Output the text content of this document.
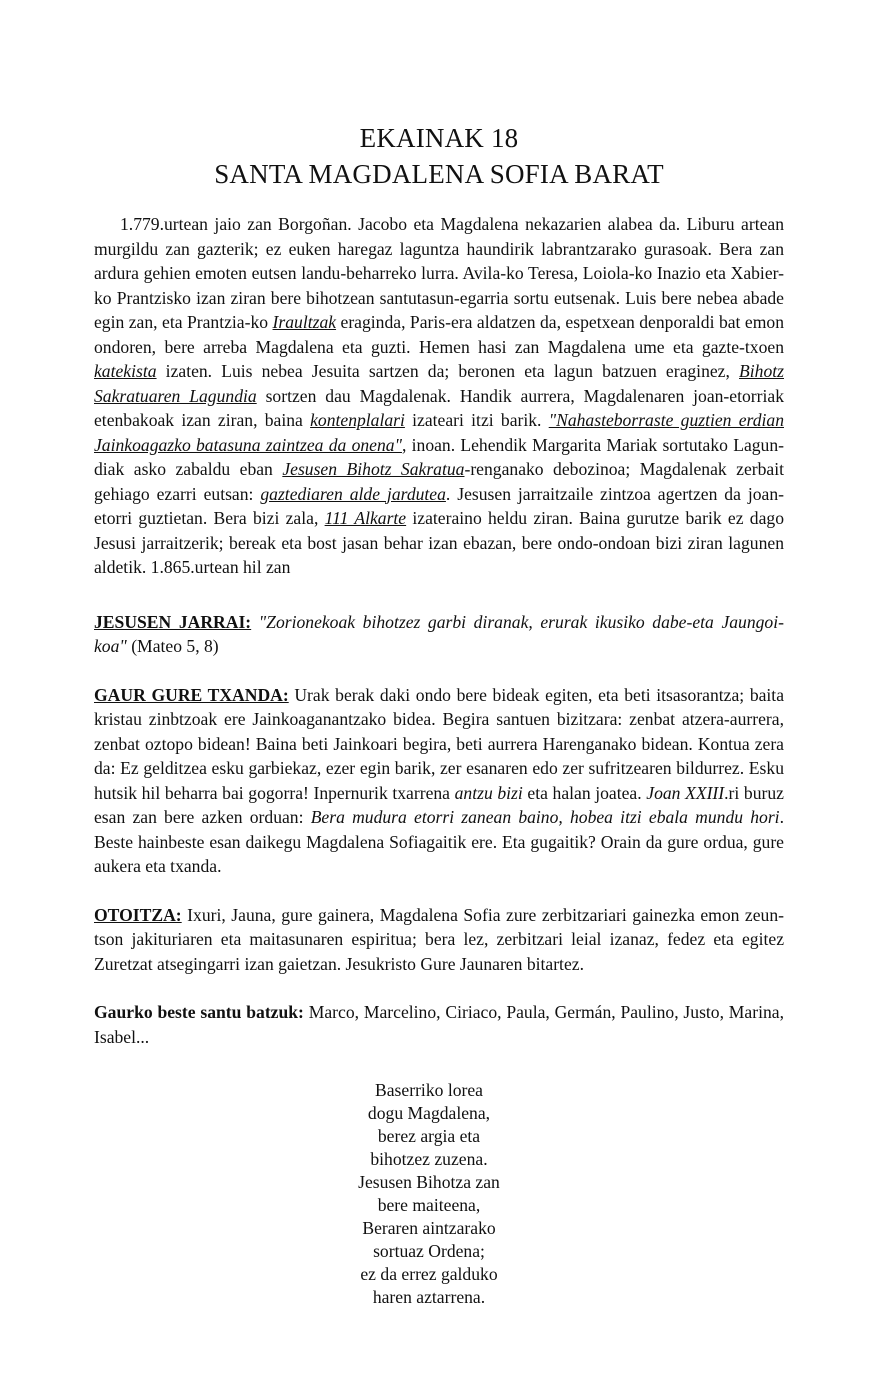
EKAINAK 18
SANTA MAGDALENA SOFIA BARAT

1.779.urtean jaio zan Borgoñan. Jacobo eta Magdalena nekazarien alabea da. Liburu artean murgildu zan gazterik; ez euken haregaz laguntza haundirik labrantzarako gurasoak. Bera zan ardura gehien emoten eutsen landu-beharreko lurra. Avila-ko Teresa, Loiola-ko Inazio eta Xabier-ko Prantzisko izan ziran bere bihotzean santutasun-egarria sortu eutsenak. Luis bere nebea abade egin zan, eta Prantzia-ko Iraultzak eraginda, Paris-era aldatzen da, espetxean denporaldi bat emon ondoren, bere arreba Magdalena eta guzti. Hemen hasi zan Magdalena ume eta gazte-txoen katekista izaten. Luis nebea Jesuita sartzen da; beronen eta lagun batzuen eraginez, Bihotz Sakratuaren Lagundia sortzen dau Magdalenak. Handik aurrera, Magdalenaren joan-etorriak etenbakoak izan ziran, baina kontenplalari izateari itzi barik. "Nahasteborraste guztien erdian Jainkoagazko batasuna zaintzea da onena", inoan. Lehendik Margarita Mariak sortutako Lagun-diak asko zabaldu eban Jesusen Bihotz Sakratua-renganako debozinoa; Magdalenak zerbait gehiago ezarri eutsan: gaztediaren alde jardutea. Jesusen jarraitzaile zintzoa agertzen da joan-etorri guztietan. Bera bizi zala, 111 Alkarte izateraino heldu ziran. Baina gurutze barik ez dago Jesusi jarraitzerik; bereak eta bost jasan behar izan ebazan, bere ondo-ondoan bizi ziran lagunen aldetik. 1.865.urtean hil zan

JESUSEN JARRAI: "Zorionekoak bihotzez garbi diranak, erurak ikusiko dabe-eta Jaungoi-koa" (Mateo 5, 8)

GAUR GURE TXANDA: Urak berak daki ondo bere bideak egiten, eta beti itsasorantza; baita kristau zinbtzoak ere Jainkoaganantzako bidea. Begira santuen bizitzara: zenbat atzera-aurrera, zenbat oztopo bidean! Baina beti Jainkoari begira, beti aurrera Harenganako bidean. Kontua zera da: Ez gelditzea esku garbiekaz, ezer egin barik, zer esanaren edo zer sufritzearen bildurrez. Esku hutsik hil beharra bai gogorra! Inpernurik txarrena antzu bizi eta halan joatea. Joan XXIII.ri buruz esan zan bere azken orduan: Bera mudura etorri zanean baino, hobea itzi ebala mundu hori. Beste hainbeste esan daikegu Magdalena Sofiagaitik ere. Eta gugaitik? Orain da gure ordua, gure aukera eta txanda.

OTOITZA: Ixuri, Jauna, gure gainera, Magdalena Sofia zure zerbitzariari gainezka emon zeun-tson jakituriaren eta maitasunaren espiritua; bera lez, zerbitzari leial izanaz, fedez eta egitez Zuretzat atsegingarri izan gaietzan. Jesukristo Gure Jaunaren bitartez.

Gaurko beste santu batzuk: Marco, Marcelino, Ciriaco, Paula, Germán, Paulino, Justo, Marina, Isabel...

Baserriko lorea
dogu Magdalena,
berez argia eta
bihotzez zuzena.
Jesusen Bihotza zan
bere maiteena,
Beraren aintzarako
sortuaz Ordena;
ez da errez galduko
haren aztarrena.
